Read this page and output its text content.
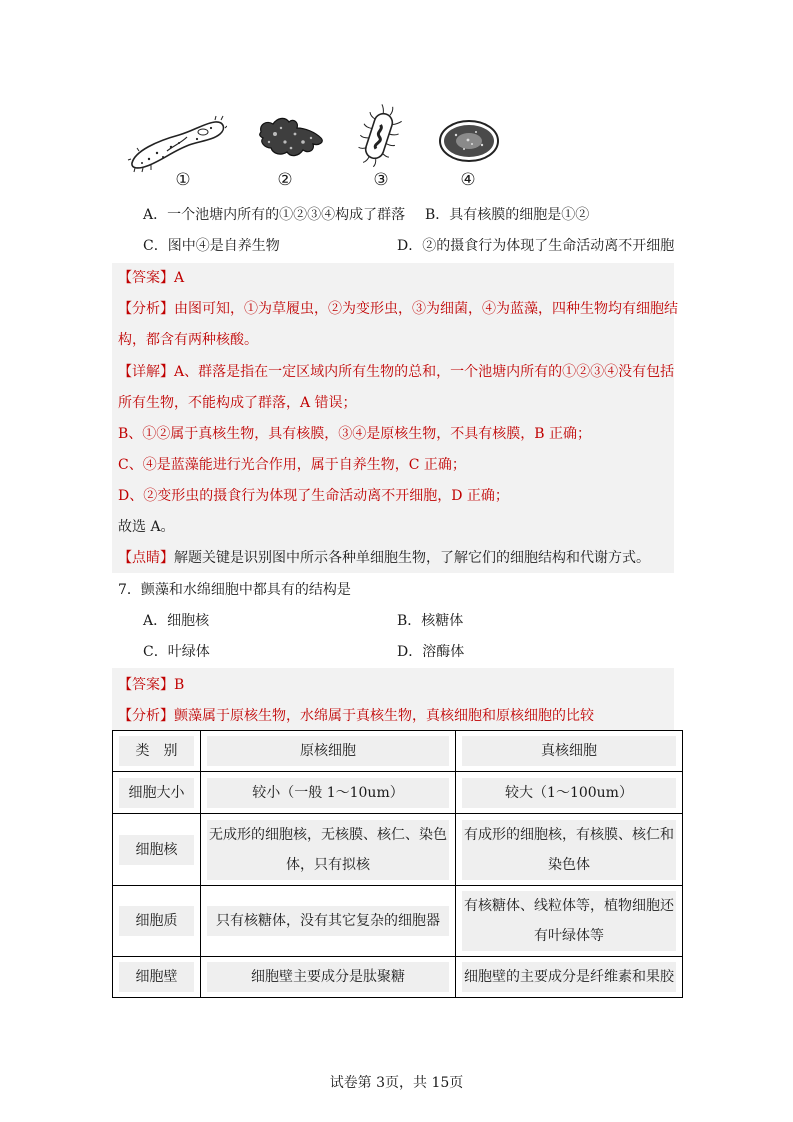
①	②	③	④
A．一个池塘内所有的①②③④构成了群落 B．具有核膜的细胞是①②
C．图中④是自养生物	D．②的摄食行为体现了生命活动离不开细胞
【答案】A
【分析】由图可知，①为草履虫，②为变形虫，③为细菌，④为蓝藻，四种生物均有细胞结
构，都含有两种核酸。
【详解】A、群落是指在一定区域内所有生物的总和，一个池塘内所有的①②③④没有包括
所有生物，不能构成了群落，A 错误；
B、①②属于真核生物，具有核膜，③④是原核生物，不具有核膜，B 正确；
C、④是蓝藻能进行光合作用，属于自养生物，C 正确；
D、②变形虫的摄食行为体现了生命活动离不开细胞，D 正确；
故选 A。
【点睛】解题关键是识别图中所示各种单细胞生物，了解它们的细胞结构和代谢方式。
7．颤藻和水绵细胞中都具有的结构是
A．细胞核	B．核糖体
C．叶绿体	D．溶酶体
【答案】B
【分析】颤藻属于原核生物，水绵属于真核生物，真核细胞和原核细胞的比较
类　别	原核细胞	真核细胞

细胞大小	较小（一般 1～10um）	较大（1～100um）

细胞核	无成形的细胞核，无核膜、核仁、染色体，只有拟核	有成形的细胞核，有核膜、核仁和染色体

细胞质	只有核糖体，没有其它复杂的细胞器	有核糖体、线粒体等，植物细胞还有叶绿体等

细胞壁	细胞壁主要成分是肽聚糖	细胞壁的主要成分是纤维素和果胶
试卷第 3页，共 15页
